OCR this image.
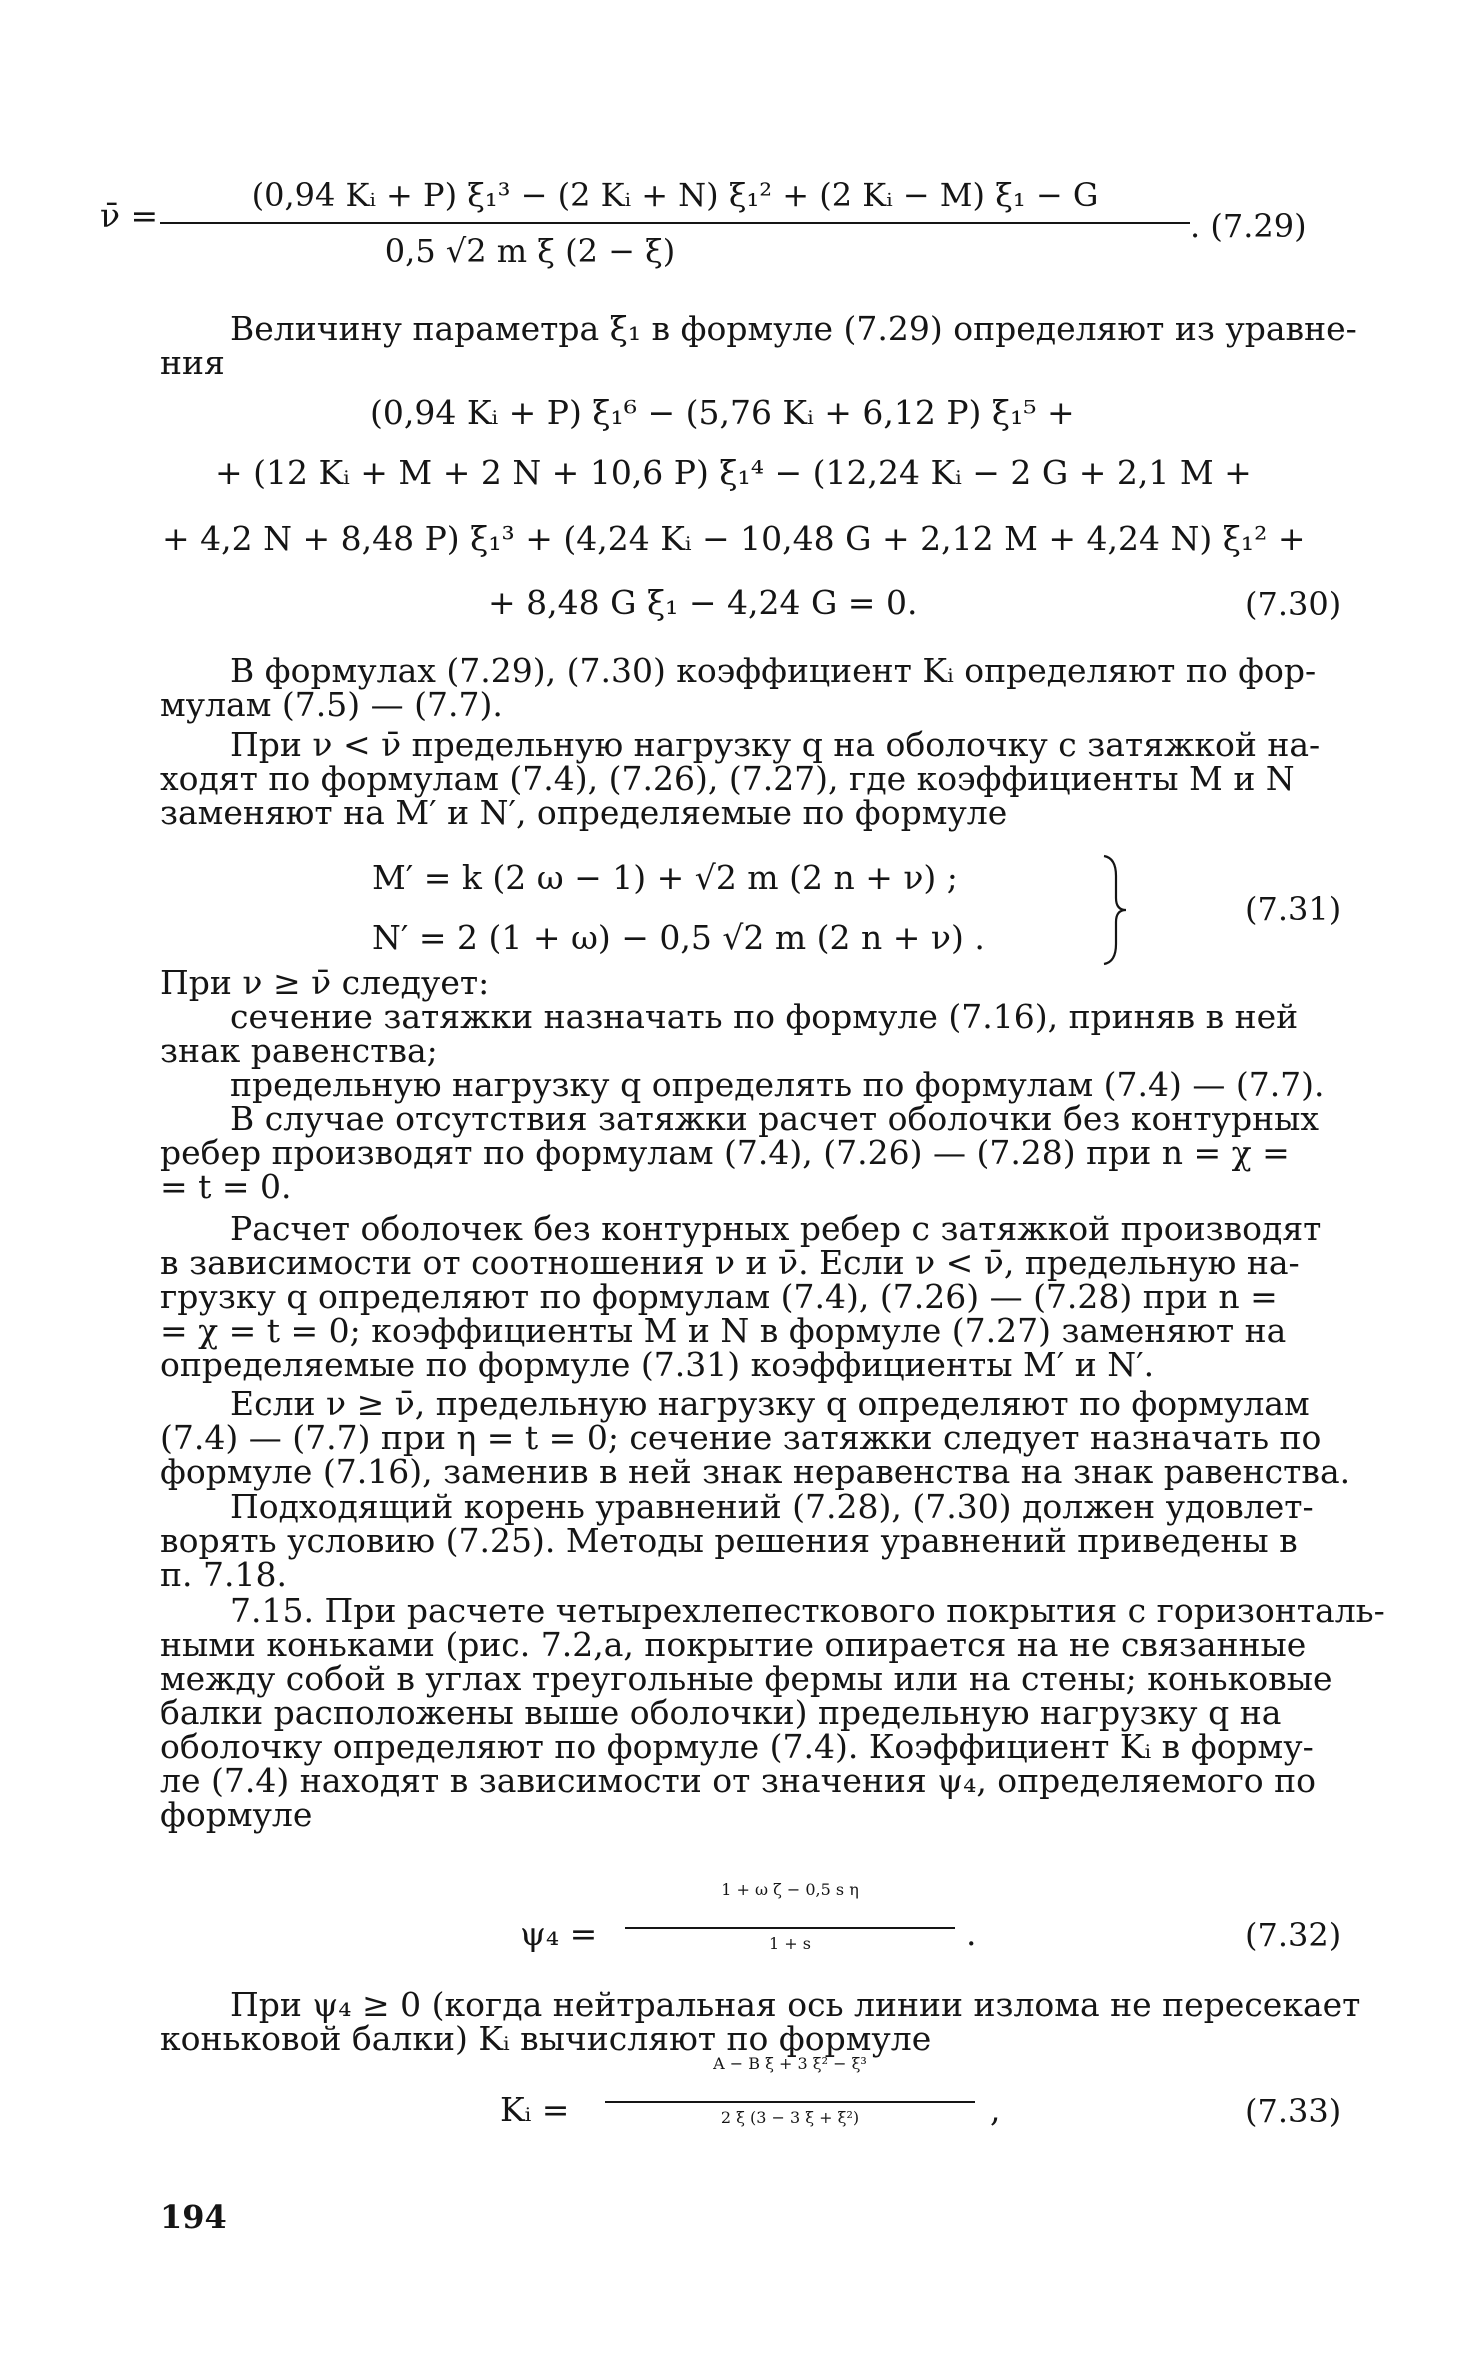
ν̄ =
(0,94 Kᵢ + P) ξ₁³ − (2 Kᵢ + N) ξ₁² + (2 Kᵢ − M) ξ₁ − G
0,5 √2 m ξ (2 − ξ)
. (7.29)
Величину параметра ξ₁ в формуле (7.29) определяют из уравне-
ния
(0,94 Kᵢ + P) ξ₁⁶ − (5,76 Kᵢ + 6,12 P) ξ₁⁵ +
+ (12 Kᵢ + M + 2 N + 10,6 P) ξ₁⁴ − (12,24 Kᵢ − 2 G + 2,1 M +
+ 4,2 N + 8,48 P) ξ₁³ + (4,24 Kᵢ − 10,48 G + 2,12 M + 4,24 N) ξ₁² +
+ 8,48 G ξ₁ − 4,24 G = 0.	(7.30)
В формулах (7.29), (7.30) коэффициент Kᵢ определяют по фор-
мулам (7.5) — (7.7).
При ν < ν̄ предельную нагрузку q на оболочку с затяжкой на-
ходят по формулам (7.4), (7.26), (7.27), где коэффициенты M и N
заменяют на M′ и N′, определяемые по формуле
M′ = k (2 ω − 1) + √2 m (2 n + ν) ;
N′ = 2 (1 + ω) − 0,5 √2 m (2 n + ν) .
(7.31)
При ν ≥ ν̄ следует:
сечение затяжки назначать по формуле (7.16), приняв в ней
знак равенства;
предельную нагрузку q определять по формулам (7.4) — (7.7).
В случае отсутствия затяжки расчет оболочки без контурных
ребер производят по формулам (7.4), (7.26) — (7.28) при n = χ =
= t = 0.
Расчет оболочек без контурных ребер с затяжкой производят
в зависимости от соотношения ν и ν̄. Если ν < ν̄, предельную на-
грузку q определяют по формулам (7.4), (7.26) — (7.28) при n =
= χ = t = 0; коэффициенты M и N в формуле (7.27) заменяют на
определяемые по формуле (7.31) коэффициенты M′ и N′.
Если ν ≥ ν̄, предельную нагрузку q определяют по формулам
(7.4) — (7.7) при η = t = 0; сечение затяжки следует назначать по
формуле (7.16), заменив в ней знак неравенства на знак равенства.
Подходящий корень уравнений (7.28), (7.30) должен удовлет-
ворять условию (7.25). Методы решения уравнений приведены в
п. 7.18.
7.15. При расчете четырехлепесткового покрытия с горизонталь-
ными коньками (рис. 7.2,а, покрытие опирается на не связанные
между собой в углах треугольные фермы или на стены; коньковые
балки расположены выше оболочки) предельную нагрузку q на
оболочку определяют по формуле (7.4). Коэффициент Kᵢ в форму-
ле (7.4) находят в зависимости от значения ψ₄, определяемого по
формуле
ψ₄ =
1 + ω ζ − 0,5 s η
1 + s	.	(7.32)
При ψ₄ ≥ 0 (когда нейтральная ось линии излома не пересекает
коньковой балки) Kᵢ вычисляют по формуле
Kᵢ =
A − B ξ + 3 ξ² − ξ³
2 ξ (3 − 3 ξ + ξ²)	,	(7.33)
194
